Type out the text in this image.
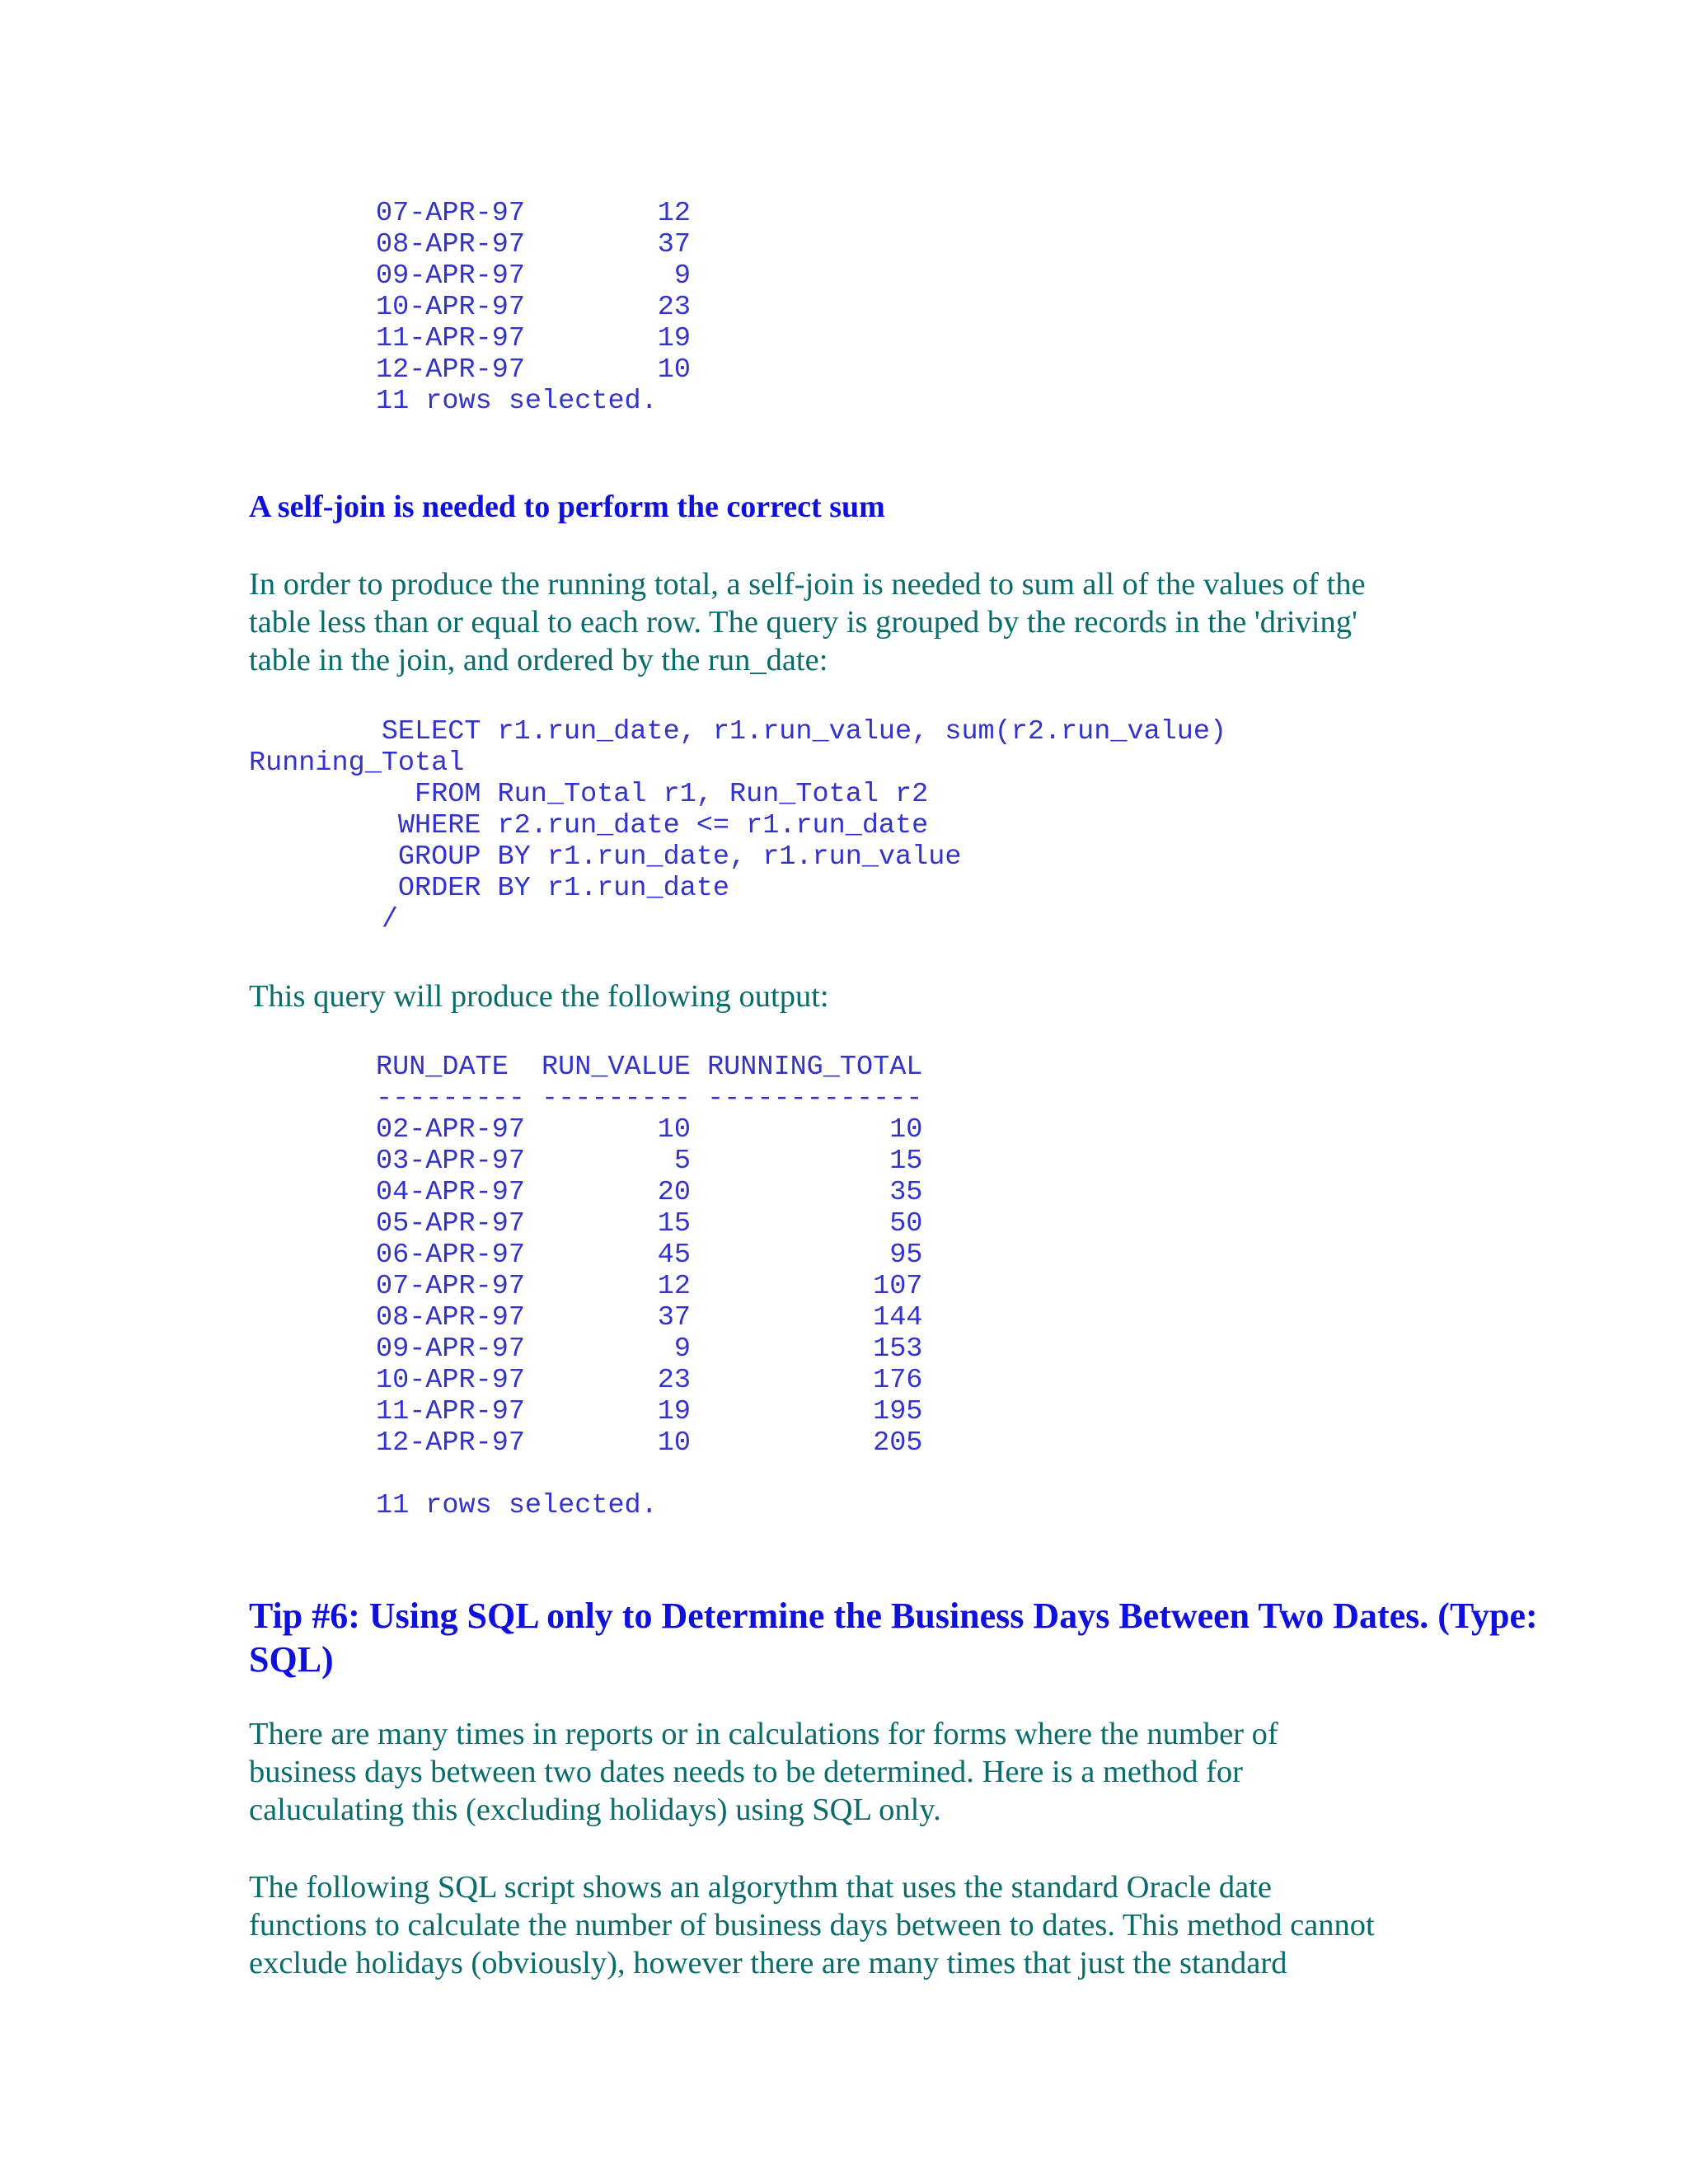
07-APR-97        12
08-APR-97        37
09-APR-97         9
10-APR-97        23
11-APR-97        19
12-APR-97        10
11 rows selected.
A self-join is needed to perform the correct sum

In order to produce the running total, a self-join is needed to sum all of the values of the
table less than or equal to each row. The query is grouped by the records in the 'driving'
table in the join, and ordered by the run_date:

SELECT r1.run_date, r1.run_value, sum(r2.run_value)
Running_Total
FROM Run_Total r1, Run_Total r2
WHERE r2.run_date <= r1.run_date
GROUP BY r1.run_date, r1.run_value
ORDER BY r1.run_date
/

This query will produce the following output:

RUN_DATE  RUN_VALUE RUNNING_TOTAL
--------- --------- -------------
02-APR-97        10            10
03-APR-97         5            15
04-APR-97        20            35
05-APR-97        15            50
06-APR-97        45            95
07-APR-97        12           107
08-APR-97        37           144
09-APR-97         9           153
10-APR-97        23           176
11-APR-97        19           195
12-APR-97        10           205

11 rows selected.
Tip #6: Using SQL only to Determine the Business Days Between Two Dates. (Type: SQL)

There are many times in reports or in calculations for forms where the number of
business days between two dates needs to be determined. Here is a method for
caluculating this (excluding holidays) using SQL only.

The following SQL script shows an algorythm that uses the standard Oracle date
functions to calculate the number of business days between to dates. This method cannot
exclude holidays (obviously), however there are many times that just the standard
